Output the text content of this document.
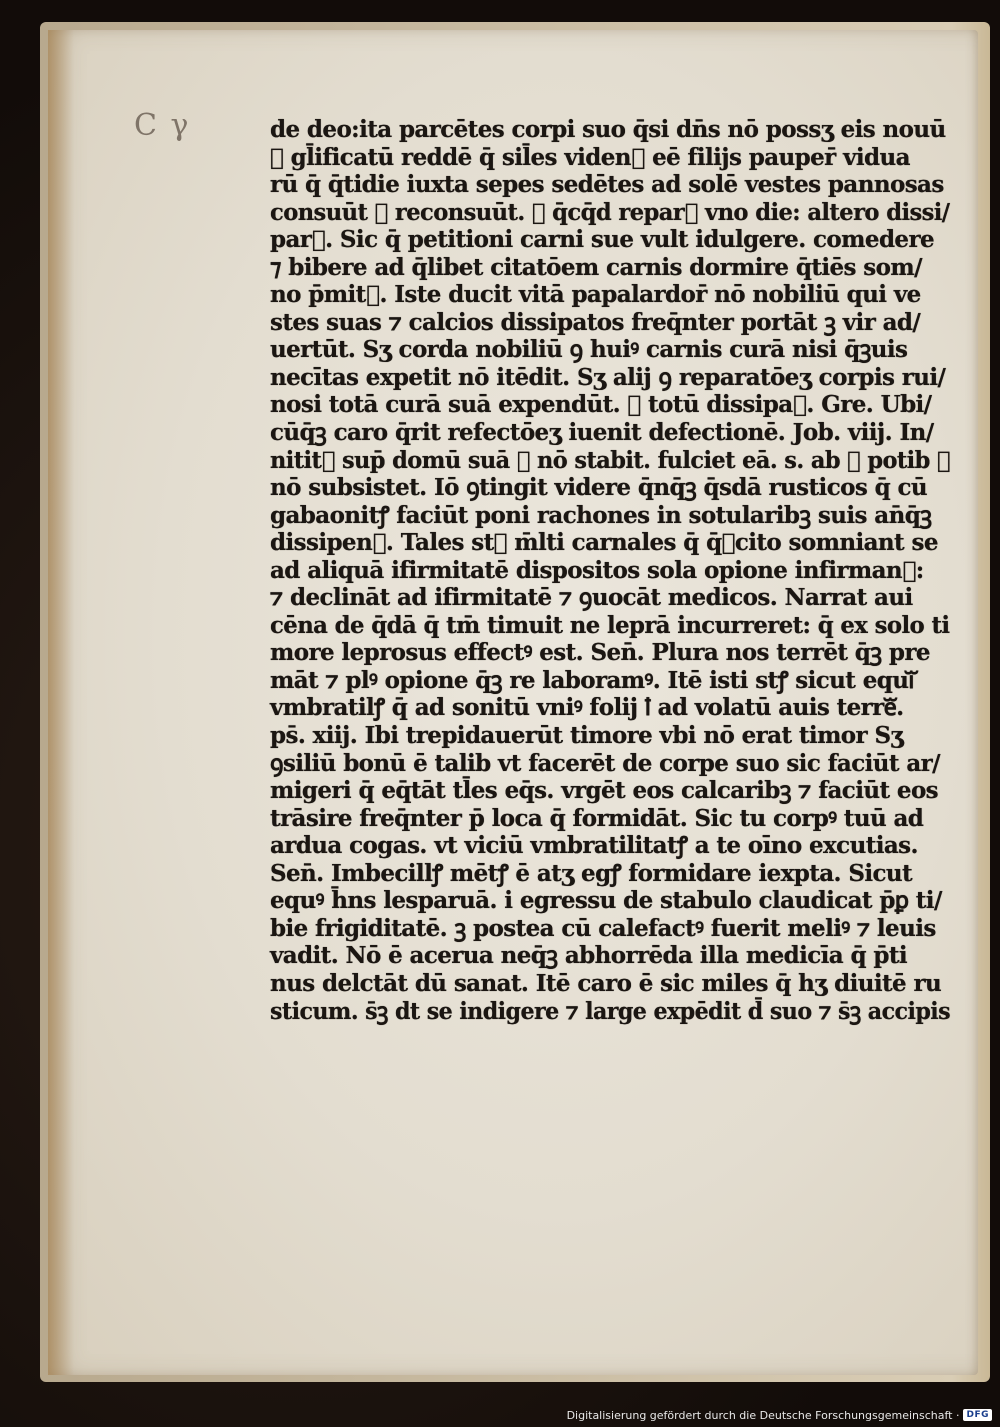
C γ	de deo:ita parcētes corpi suo q̄si dn̄s nō possʒ eis nouū
⁊ gl̄ificatū reddē q̄ sil̄es videnᷓ eē filijs pauper̄ vidua
rū q̄ q̄tidie iuxta sepes sedētes ad solē vestes pannosas
consuūt ⁊ reconsuūt. ⁊ q̄cq̄d reparᷓ vno die: altero dissi/
parᷓ. Sic q̄ petitioni carni sue vult idulgere. comedere
⁊ bibere ad q̄libet citatōem carnis dormire q̄tiēs som/
no p̄mitᷓ. Iste ducit vitā papalardor̄ nō nobiliū qui ve
stes suas ⁊ calcios dissipatos freq̄nter portāt ꝫ vir ad/
uertūt. Sʒ corda nobiliū ꝯ huiꝰ carnis curā nisi q̄ꝫuis
necītas expetit nō itēdit. Sʒ alij ꝯ reparatōeʒ corpis rui/
nosi totā curā suā expendūt. ⁊ totū dissipaᷓ. Gre. Ubi/
cūq̄ꝫ caro q̄rit refectōeʒ iuenit defectionē. Job. viij. In/
nititᷓ sup̄ domū suā ⁊ nō stabit. fulciet eā. s. ab ⁊ potib ⁊
nō subsistet. Iō ꝯtingit videre q̄nq̄ꝫ q̄sdā rusticos q̄ cū
gabaonitꝭ faciūt poni rachones in sotularibꝫ suis an̄q̄ꝫ
dissipenᷓ. Tales stꝭ m̄lti carnales q̄ q̄ꝫcito somniant se
ad aliquā ifirmitatē dispositos sola opione infirmanᷓ:
⁊ declināt ad ifirmitatē ⁊ ꝯuocāt medicos. Narrat aui
cēna de q̄dā q̄ tm̄ timuit ne leprā incurreret: q̄ ex solo ti
more leprosus effectꝰ est. Sen̄. Plura nos terrēt q̄ꝫ pre
māt ⁊ plꝰ opione q̄ꝫ re laboramꝰ. Itē isti stꝭ sicut equiᷓ
vmbratilꝭ q̄ ad sonitū vniꝰ folij ꝉ ad volatū auis terreᷓ.
ps̄. xiij. Ibi trepidauerūt timore vbi nō erat timor Sʒ
ꝯsiliū bonū ē talib vt facerēt de corpe suo sic faciūt ar/
migeri q̄ eq̄tāt tl̄es eq̄s. vrgēt eos calcaribꝫ ⁊ faciūt eos
trāsire freq̄nter p̄ loca q̄ formidāt. Sic tu corpꝰ tuū ad
ardua cogas. vt viciū vmbratilitatꝭ a te oīno excutias.
Sen̄. Imbecillꝭ mētꝭ ē atʒ egꝭ formidare iexpta. Sicut
equꝰ h̄ns lesparuā. i egressu de stabulo claudicat p̄ꝑ ti/
bie frigiditatē. ꝫ postea cū calefactꝰ fuerit meliꝰ ⁊ leuis
vadit. Nō ē acerua neq̄ꝫ abhorrēda illa medicīa q̄ p̄ti
nus delctāt dū sanat. Itē caro ē sic miles q̄ hʒ diuitē ru
sticum. s̄ꝫ dt se indigere ⁊ large expēdit d̄ suo ⁊ s̄ꝫ accipis
Digitalisierung gefördert durch die Deutsche Forschungsgemeinschaft · DFG
